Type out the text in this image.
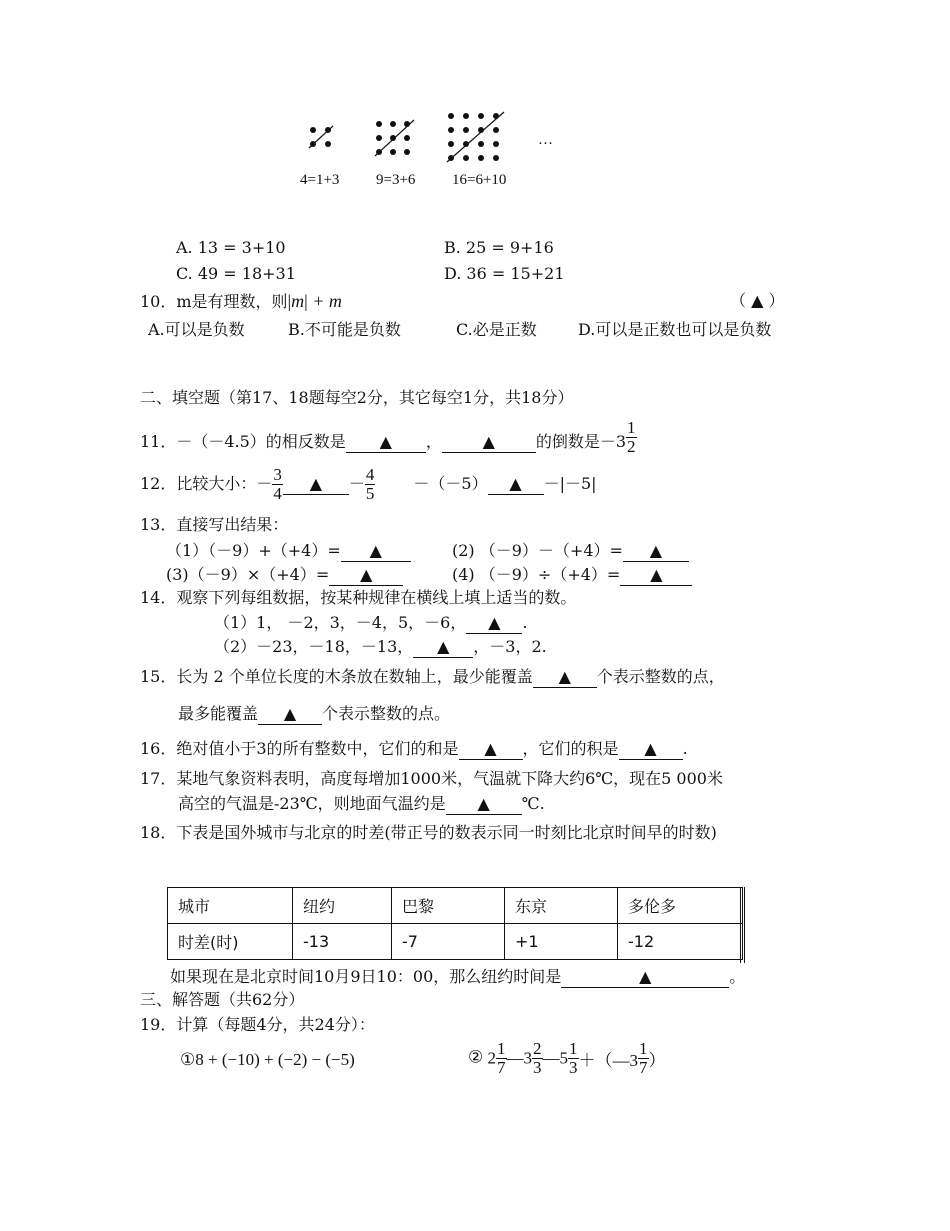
…
4=1+3 9=3+6 16=6+10
A. 13 = 3+10	B. 25 = 9+16
C. 49 = 18+31	D. 36 = 15+21
10．m是有理数，则|m| + m	（ ▲ ）
A.可以是负数	B.不可能是负数	C.必是正数	D.可以是正数也可以是负数
二、填空题（第17、18题每空2分，其它每空1分，共18分）
11．－（－4.5）的相反数是 ▲ ，	▲	的倒数是$-3 \frac{1}{2}$
12．比较大小：－ $\frac{3}{4}$ ▲ － $\frac{4}{5} -(-5)$ ▲ －|－5|
13．直接写出结果：
（1）（－9）+（+4）= ▲	(2) （－9）－（+4）= ▲
(3)（－9）×（+4）= ▲	(4) （－9）÷（+4）= ▲
14．观察下列每组数据，按某种规律在横线上填上适当的数。
（1）1， －2，3，－4，5，－6， ▲ .
（2）－23，－18，－13， ▲ ，－3，2.
15．长为 2 个单位长度的木条放在数轴上，最少能覆盖 ▲ 个表示整数的点，
最多能覆盖 ▲ 个表示整数的点。
16．绝对值小于3的所有整数中，它们的和是 ▲ ，它们的积是 ▲ .
17．某地气象资料表明，高度每增加1000米，气温就下降大约6℃，现在5 000米
高空的气温是-23℃，则地面气温约是 ▲ ℃.
18．下表是国外城市与北京的时差(带正号的数表示同一时刻比北京时间早的时数)
城市	纽约	巴黎	东京	多伦多
时差(时)	-13	-7	+1	-12
如果现在是北京时间10月9日10：00，那么纽约时间是	▲	。
三、解答题（共62分）
19．计算（每题4分，共24分）：
①8 + (−10) + (−2) − (−5)	② $2 \frac{1}{7}$ —3 $\frac{2}{3}$ —5 $\frac{1}{3}$ ＋（—3 $\frac{1}{7}$ ）
